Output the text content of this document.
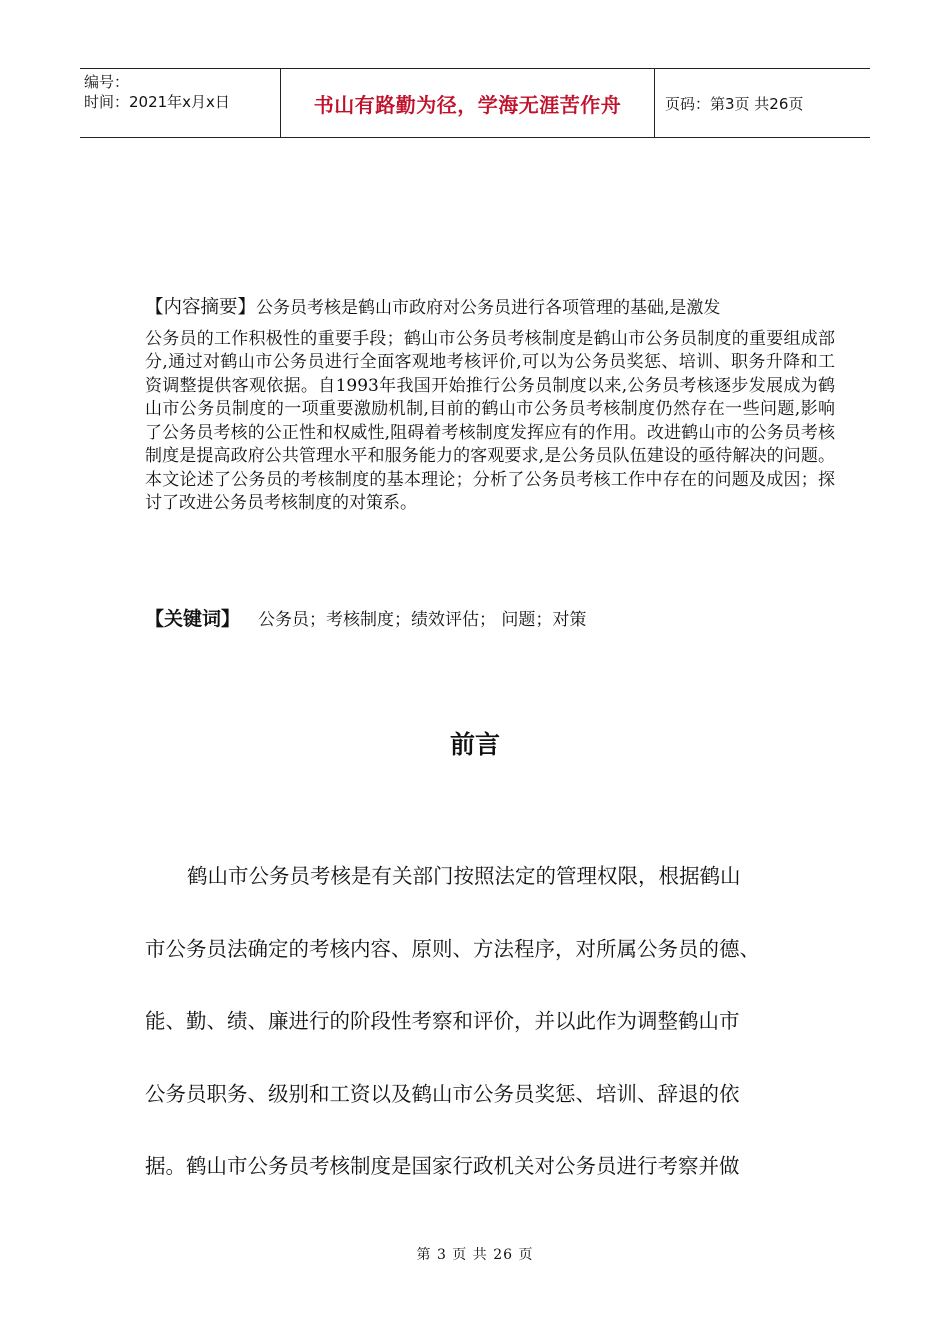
编号：
时间：2021年x月x日	书山有路勤为径，学海无涯苦作舟	页码：第3页 共26页
【内容摘要】公务员考核是鹤山市政府对公务员进行各项管理的基础,是激发
公务员的工作积极性的重要手段；鹤山市公务员考核制度是鹤山市公务员制度的重要组成部分,通过对鹤山市公务员进行全面客观地考核评价,可以为公务员奖惩、培训、职务升降和工资调整提供客观依据。自1993年我国开始推行公务员制度以来,公务员考核逐步发展成为鹤山市公务员制度的一项重要激励机制,目前的鹤山市公务员考核制度仍然存在一些问题,影响了公务员考核的公正性和权威性,阻碍着考核制度发挥应有的作用。改进鹤山市的公务员考核制度是提高政府公共管理水平和服务能力的客观要求,是公务员队伍建设的亟待解决的问题。本文论述了公务员的考核制度的基本理论；分析了公务员考核工作中存在的问题及成因；探讨了改进公务员考核制度的对策系。
【关键词】 公务员；考核制度；绩效评估； 问题；对策
前言
鹤山市公务员考核是有关部门按照法定的管理权限，根据鹤山
市公务员法确定的考核内容、原则、方法程序，对所属公务员的德、
能、勤、绩、廉进行的阶段性考察和评价，并以此作为调整鹤山市
公务员职务、级别和工资以及鹤山市公务员奖惩、培训、辞退的依
据。鹤山市公务员考核制度是国家行政机关对公务员进行考察并做
第 3 页 共 26 页
